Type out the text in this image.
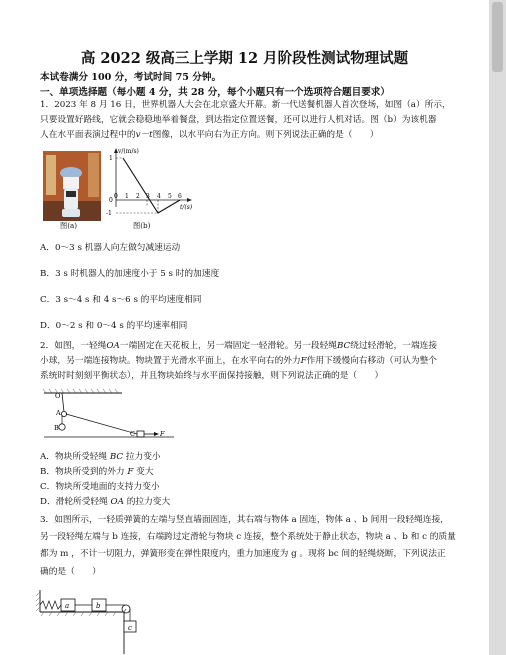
高 2022 级高三上学期 12 月阶段性测试物理试题
本试卷满分 100 分，考试时间 75 分钟。
一、单项选择题（每小题 4 分，共 28 分，每个小题只有一个选项符合题目要求）
1．2023 年 8 月 16 日，世界机器人大会在北京盛大开幕。新一代送餐机器人首次登场，如图（a）所示，
只要设置好路线，它就会稳稳地举着餐盘，到达指定位置送餐，还可以进行人机对话。图（b）为该机器
人在水平面表演过程中的v－t图像，以水平向右为正方向。则下列说法正确的是（　　）
图(a)
v/(m/s)
t/(s)
1
0
-1
0 1 2 3 4 5 6
图(b)
A．0～3 s 机器人向左做匀减速运动
B．3 s 时机器人的加速度小于 5 s 时的加速度
C．3 s～4 s 和 4 s～6 s 的平均速度相同
D．0～2 s 和 0～4 s 的平均速率相同
2．如图，一轻绳OA一端固定在天花板上，另一端固定一轻滑轮。另一段轻绳BC绕过轻滑轮，一端连接
小球，另一端连接物块。物块置于光滑水平面上，在水平向右的外力F作用下缓慢向右移动（可认为整个
系统时时刻刻平衡状态），并且物块始终与水平面保持接触，则下列说法正确的是（　　）
O
A
B
C	F
A．物块所受轻绳 BC 拉力变小
B．物块所受到的外力 F 变大
C．物块所受地面的支持力变小
D．滑轮所受轻绳 OA 的拉力变大
3．如图所示，一轻质弹簧的左端与竖直墙面固连，其右端与物体 a 固连，物体 a 、b 间用一段轻绳连接，
另一段轻绳左端与 b 连接，右端跨过定滑轮与物块 c 连接，整个系统处于静止状态，物块 a 、b 和 c 的质量
都为 m ，不计一切阻力，弹簧形变在弹性限度内，重力加速度为 g 。现将 bc 间的轻绳烧断，下列说法正
确的是（　　）
a	b
c
